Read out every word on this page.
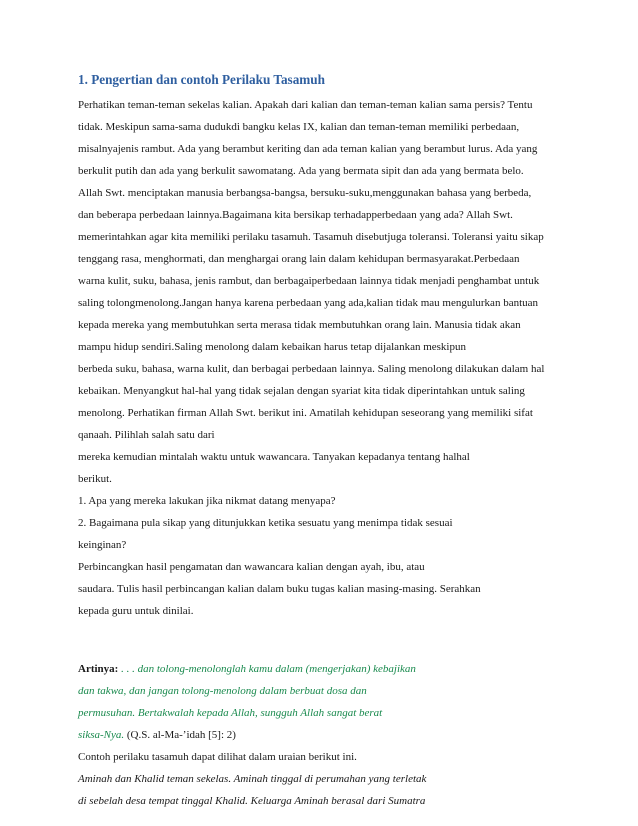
1. Pengertian dan contoh Perilaku Tasamuh
Perhatikan teman-teman sekelas kalian. Apakah dari kalian dan teman-teman kalian sama persis? Tentu
tidak. Meskipun sama-sama dudukdi bangku kelas IX, kalian dan teman-teman memiliki perbedaan,
misalnyajenis rambut. Ada yang berambut keriting dan ada teman kalian yang berambut lurus. Ada yang
berkulit putih dan ada yang berkulit sawomatang. Ada yang bermata sipit dan ada yang bermata belo.
Allah Swt. menciptakan manusia berbangsa-bangsa, bersuku-suku,menggunakan bahasa yang berbeda,
dan beberapa perbedaan lainnya.Bagaimana kita bersikap terhadapperbedaan yang ada? Allah Swt.
memerintahkan agar kita memiliki perilaku tasamuh. Tasamuh disebutjuga toleransi. Toleransi yaitu sikap
tenggang rasa, menghormati, dan menghargai orang lain dalam kehidupan bermasyarakat.Perbedaan
warna kulit, suku, bahasa, jenis rambut, dan berbagaiperbedaan lainnya tidak menjadi penghambat untuk
saling tolongmenolong.Jangan hanya karena perbedaan yang ada,kalian tidak mau mengulurkan bantuan
kepada mereka yang membutuhkan serta merasa tidak membutuhkan orang lain. Manusia tidak akan
mampu hidup sendiri.Saling menolong dalam kebaikan harus tetap dijalankan meskipun
berbeda suku, bahasa, warna kulit, dan berbagai perbedaan lainnya. Saling menolong dilakukan dalam hal
kebaikan. Menyangkut hal-hal yang tidak sejalan dengan syariat kita tidak diperintahkan untuk saling
menolong. Perhatikan firman Allah Swt. berikut ini. Amatilah kehidupan seseorang yang memiliki sifat
qanaah. Pilihlah salah satu dari
mereka kemudian mintalah waktu untuk wawancara. Tanyakan kepadanya tentang halhal
berikut.
1. Apa yang mereka lakukan jika nikmat datang menyapa?
2. Bagaimana pula sikap yang ditunjukkan ketika sesuatu yang menimpa tidak sesuai
keinginan?
Perbincangkan hasil pengamatan dan wawancara kalian dengan ayah, ibu, atau
saudara. Tulis hasil perbincangan kalian dalam buku tugas kalian masing-masing. Serahkan
kepada guru untuk dinilai.
Artinya: . . . dan tolong-menolonglah kamu dalam (mengerjakan) kebajikan
dan takwa, dan jangan tolong-menolong dalam berbuat dosa dan
permusuhan. Bertakwalah kepada Allah, sungguh Allah sangat berat
siksa-Nya. (Q.S. al-Ma-’idah [5]: 2)
Contoh perilaku tasamuh dapat dilihat dalam uraian berikut ini.
Aminah dan Khalid teman sekelas. Aminah tinggal di perumahan yang terletak
di sebelah desa tempat tinggal Khalid. Keluarga Aminah berasal dari Sumatra
